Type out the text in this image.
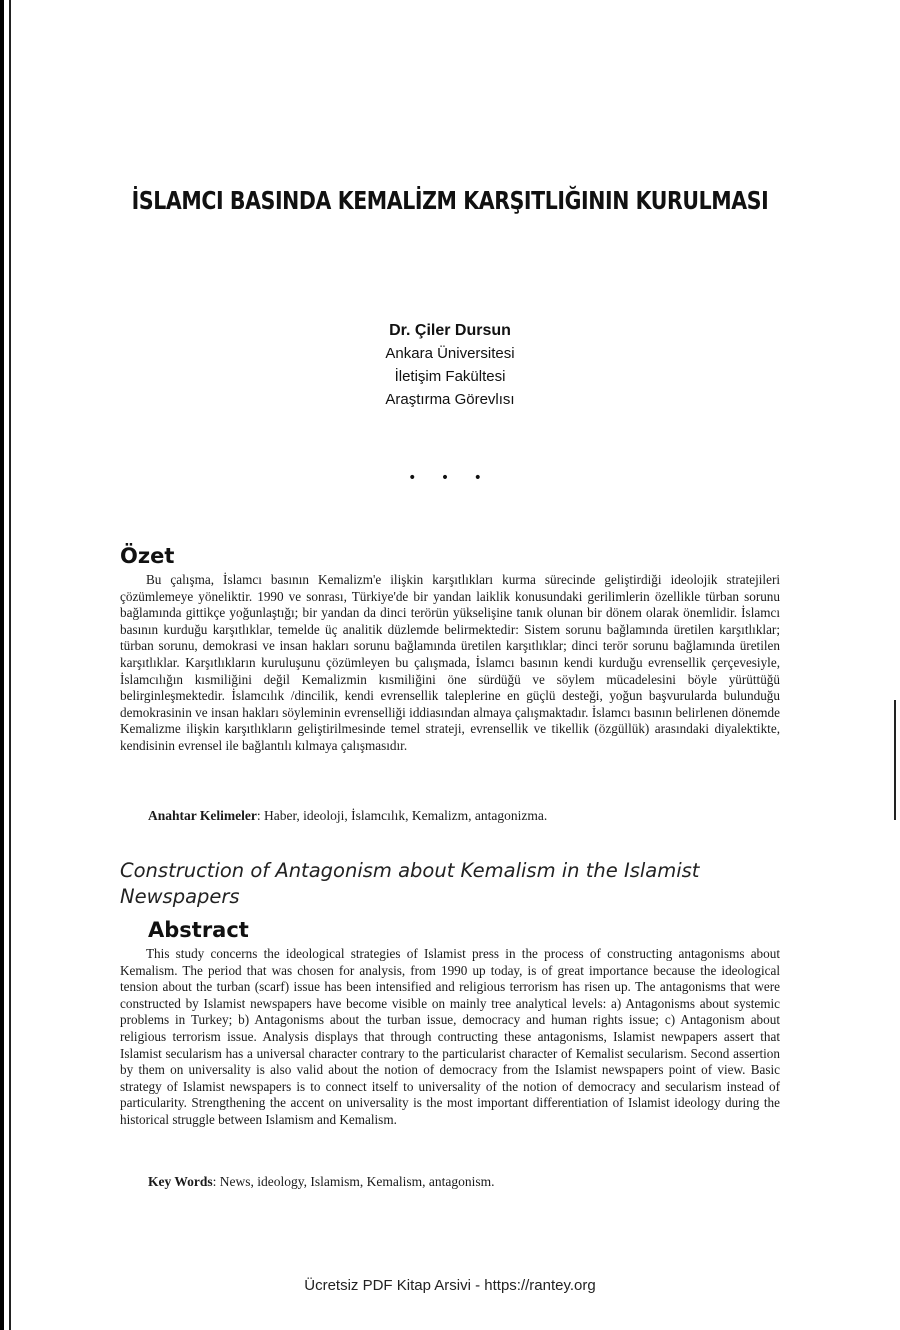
İSLAMCI BASINDA KEMALİZM KARŞITLIĞININ KURULMASI
Dr. Çiler Dursun
Ankara Üniversitesi
İletişim Fakültesi
Araştırma Görevlısı
• • •
Özet
Bu çalışma, İslamcı basının Kemalizm'e ilişkin karşıtlıkları kurma sürecinde geliştirdiği ideolojik stratejileri çözümlemeye yöneliktir. 1990 ve sonrası, Türkiye'de bir yandan laiklik konusundaki gerilimlerin özellikle türban sorunu bağlamında gittikçe yoğunlaştığı; bir yandan da dinci terörün yükselişine tanık olunan bir dönem olarak önemlidir. İslamcı basının kurduğu karşıtlıklar, temelde üç analitik düzlemde belirmektedir: Sistem sorunu bağlamında üretilen karşıtlıklar; türban sorunu, demokrasi ve insan hakları sorunu bağlamında üretilen karşıtlıklar; dinci terör sorunu bağlamında üretilen karşıtlıklar. Karşıtlıkların kuruluşunu çözümleyen bu çalışmada, İslamcı basının kendi kurduğu evrensellik çerçevesiyle, İslamcılığın kısmiliğini değil Kemalizmin kısmiliğini öne sürdüğü ve söylem mücadelesini böyle yürüttüğü belirginleşmektedir. İslamcılık /dincilik, kendi evrensellik taleplerine en güçlü desteği, yoğun başvurularda bulunduğu demokrasinin ve insan hakları söyleminin evrenselliği iddiasından almaya çalışmaktadır. İslamcı basının belirlenen dönemde Kemalizme ilişkin karşıtlıkların geliştirilmesinde temel strateji, evrensellik ve tikellik (özgüllük) arasındaki diyalektikte, kendisinin evrensel ile bağlantılı kılmaya çalışmasıdır.
Anahtar Kelimeler: Haber, ideoloji, İslamcılık, Kemalizm, antagonizma.
Construction of Antagonism about Kemalism in the Islamist Newspapers
Abstract
This study concerns the ideological strategies of Islamist press in the process of constructing antagonisms about Kemalism. The period that was chosen for analysis, from 1990 up today, is of great importance because the ideological tension about the turban (scarf) issue has been intensified and religious terrorism has risen up. The antagonisms that were constructed by Islamist newspapers have become visible on mainly tree analytical levels: a) Antagonisms about systemic problems in Turkey; b) Antagonisms about the turban issue, democracy and human rights issue; c) Antagonism about religious terrorism issue. Analysis displays that through contructing these antagonisms, Islamist newpapers assert that Islamist secularism has a universal character contrary to the particularist character of Kemalist secularism. Second assertion by them on universality is also valid about the notion of democracy from the Islamist newspapers point of view. Basic strategy of Islamist newspapers is to connect itself to universality of the notion of democracy and secularism instead of particularity. Strengthening the accent on universality is the most important differentiation of Islamist ideology during the historical struggle between Islamism and Kemalism.
Key Words: News, ideology, Islamism, Kemalism, antagonism.
Ücretsiz PDF Kitap Arsivi - https://rantey.org
